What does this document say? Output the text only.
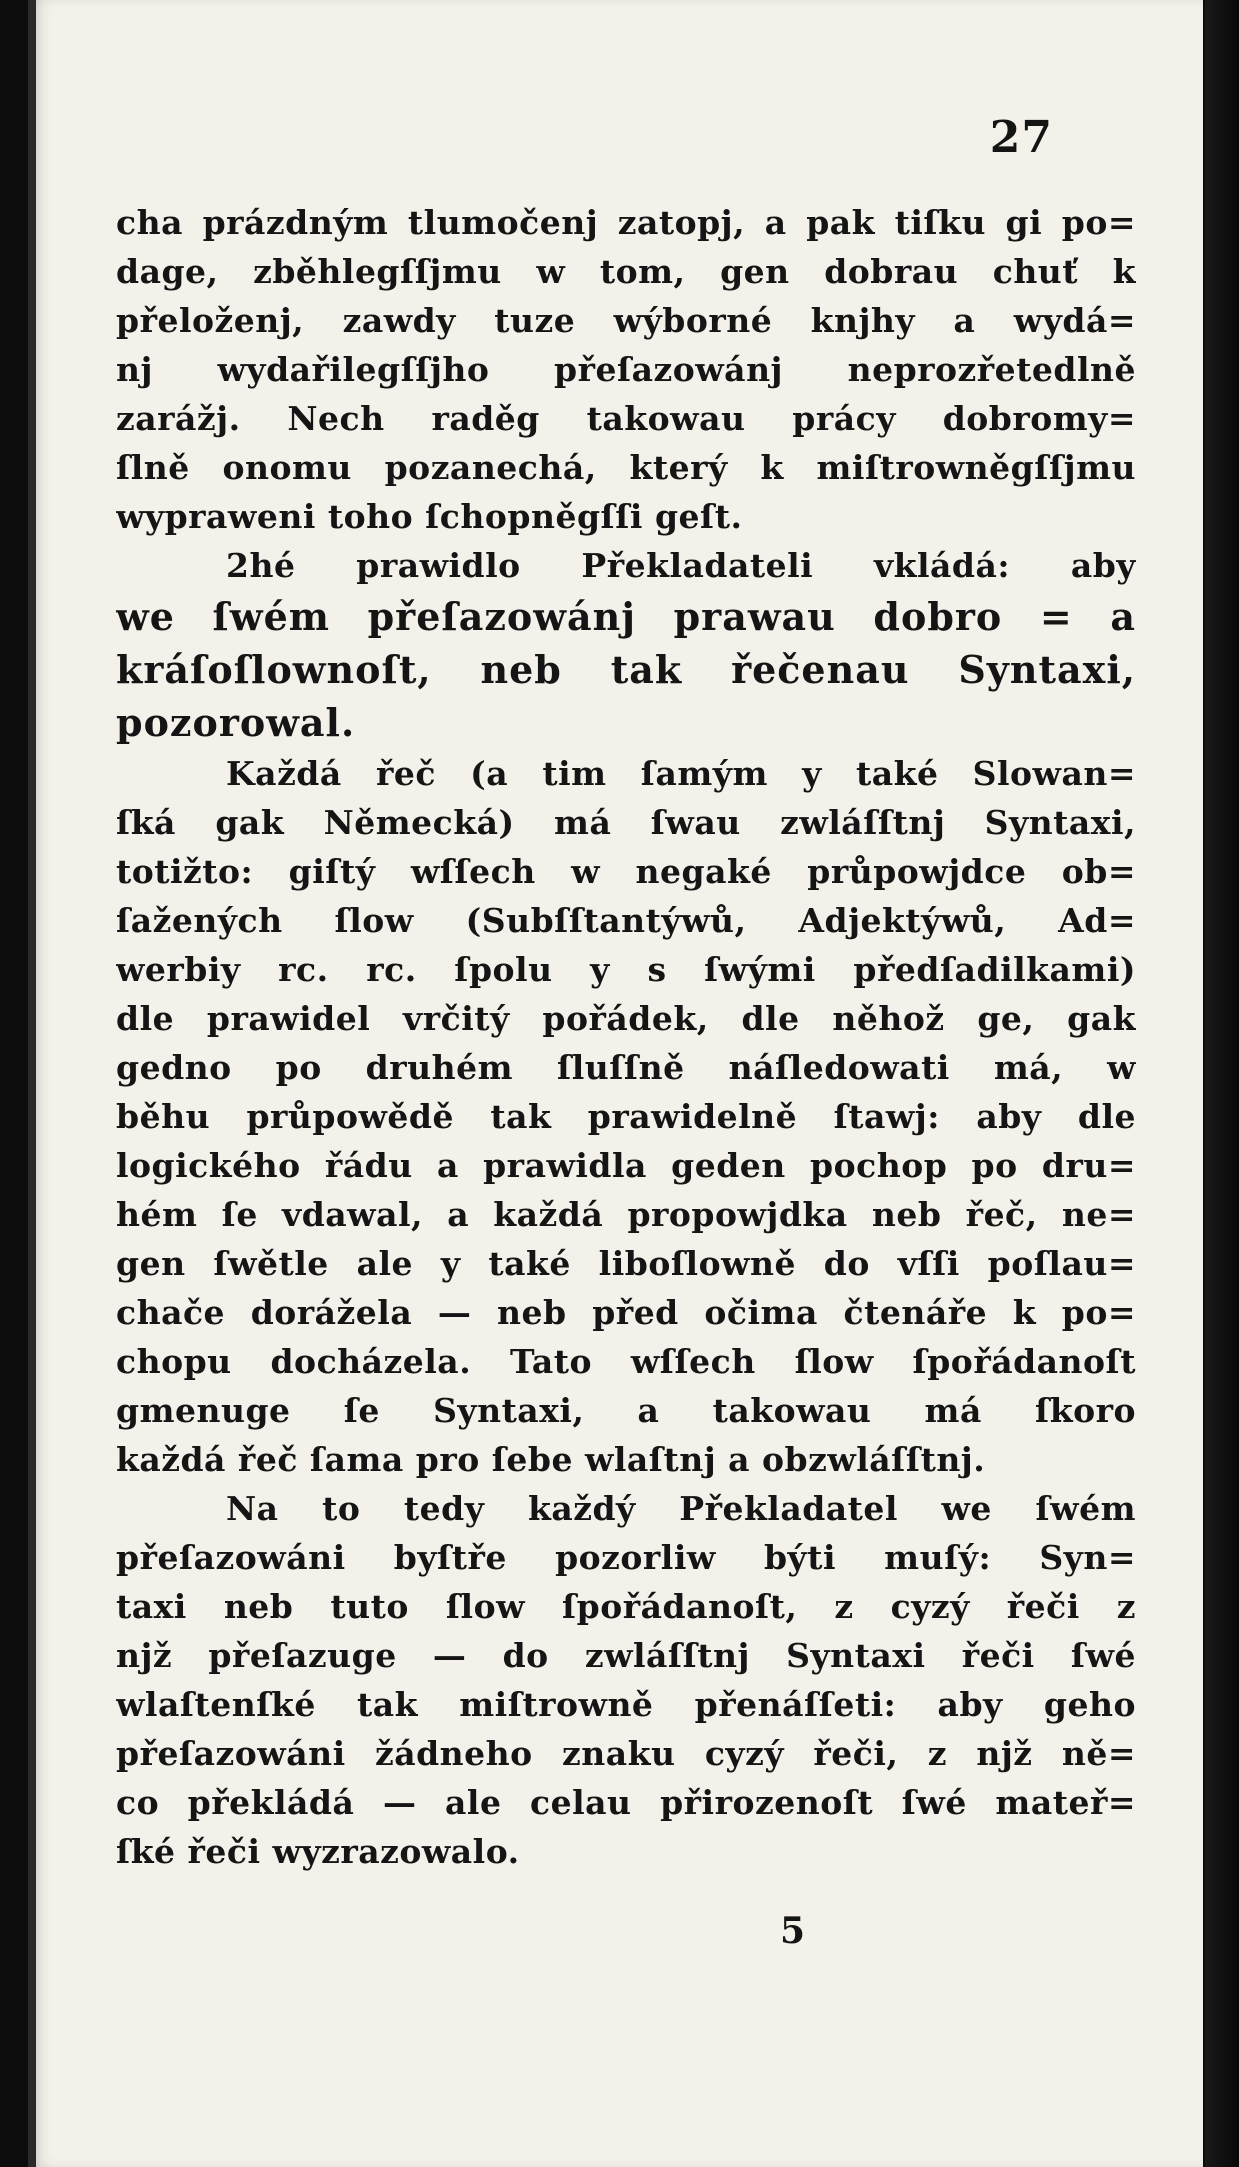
27
cha prázdným tlumočenj zatopj, a pak tiſku gi po=
dage, zběhlegſſjmu w tom, gen dobrau chuť k
přeloženj, zawdy tuze wýborné knjhy a wydá=
nj wydařilegſſjho přeſazowánj neprozřetedlně
zarážj. Nech raděg takowau prácy dobromy=
ſlně onomu pozanechá, který k miſtrowněgſſjmu
wypraweni toho ſchopněgſſi geſt.
2hé prawidlo Překladateli vkládá: aby
we ſwém přeſazowánj prawau dobro = a
kráſoſlownoſt, neb tak řečenau Syntaxi,
pozorowal.
Každá řeč (a tim ſamým y také Slowan=
ſká gak Německá) má ſwau zwláſſtnj Syntaxi,
totižto: giſtý wſſech w negaké průpowjdce ob=
ſažených ſlow (Subſſtantýwů, Adjektýwů, Ad=
werbiy rc. rc. ſpolu y s ſwými předſadilkami)
dle prawidel vrčitý pořádek, dle něhož ge, gak
gedno po druhém ſluſſně náſledowati má, w
běhu průpowědě tak prawidelně ſtawj: aby dle
logického řádu a prawidla geden pochop po dru=
hém ſe vdawal, a každá propowjdka neb řeč, ne=
gen ſwětle ale y také liboſlowně do vſſi poſlau=
chače dorážela — neb před očima čtenáře k po=
chopu docházela. Tato wſſech ſlow ſpořádanoſt
gmenuge ſe Syntaxi, a takowau má ſkoro
každá řeč ſama pro ſebe wlaſtnj a obzwláſſtnj.
Na to tedy každý Překladatel we ſwém
přeſazowáni byſtře pozorliw býti muſý: Syn=
taxi neb tuto ſlow ſpořádanoſt, z cyzý řeči z
njž přeſazuge — do zwláſſtnj Syntaxi řeči ſwé
wlaſtenſké tak miſtrowně přenáſſeti: aby geho
přeſazowáni žádneho znaku cyzý řeči, z njž ně=
co překládá — ale celau přirozenoſt ſwé mateř=
ſké řeči wyzrazowalo.
5
